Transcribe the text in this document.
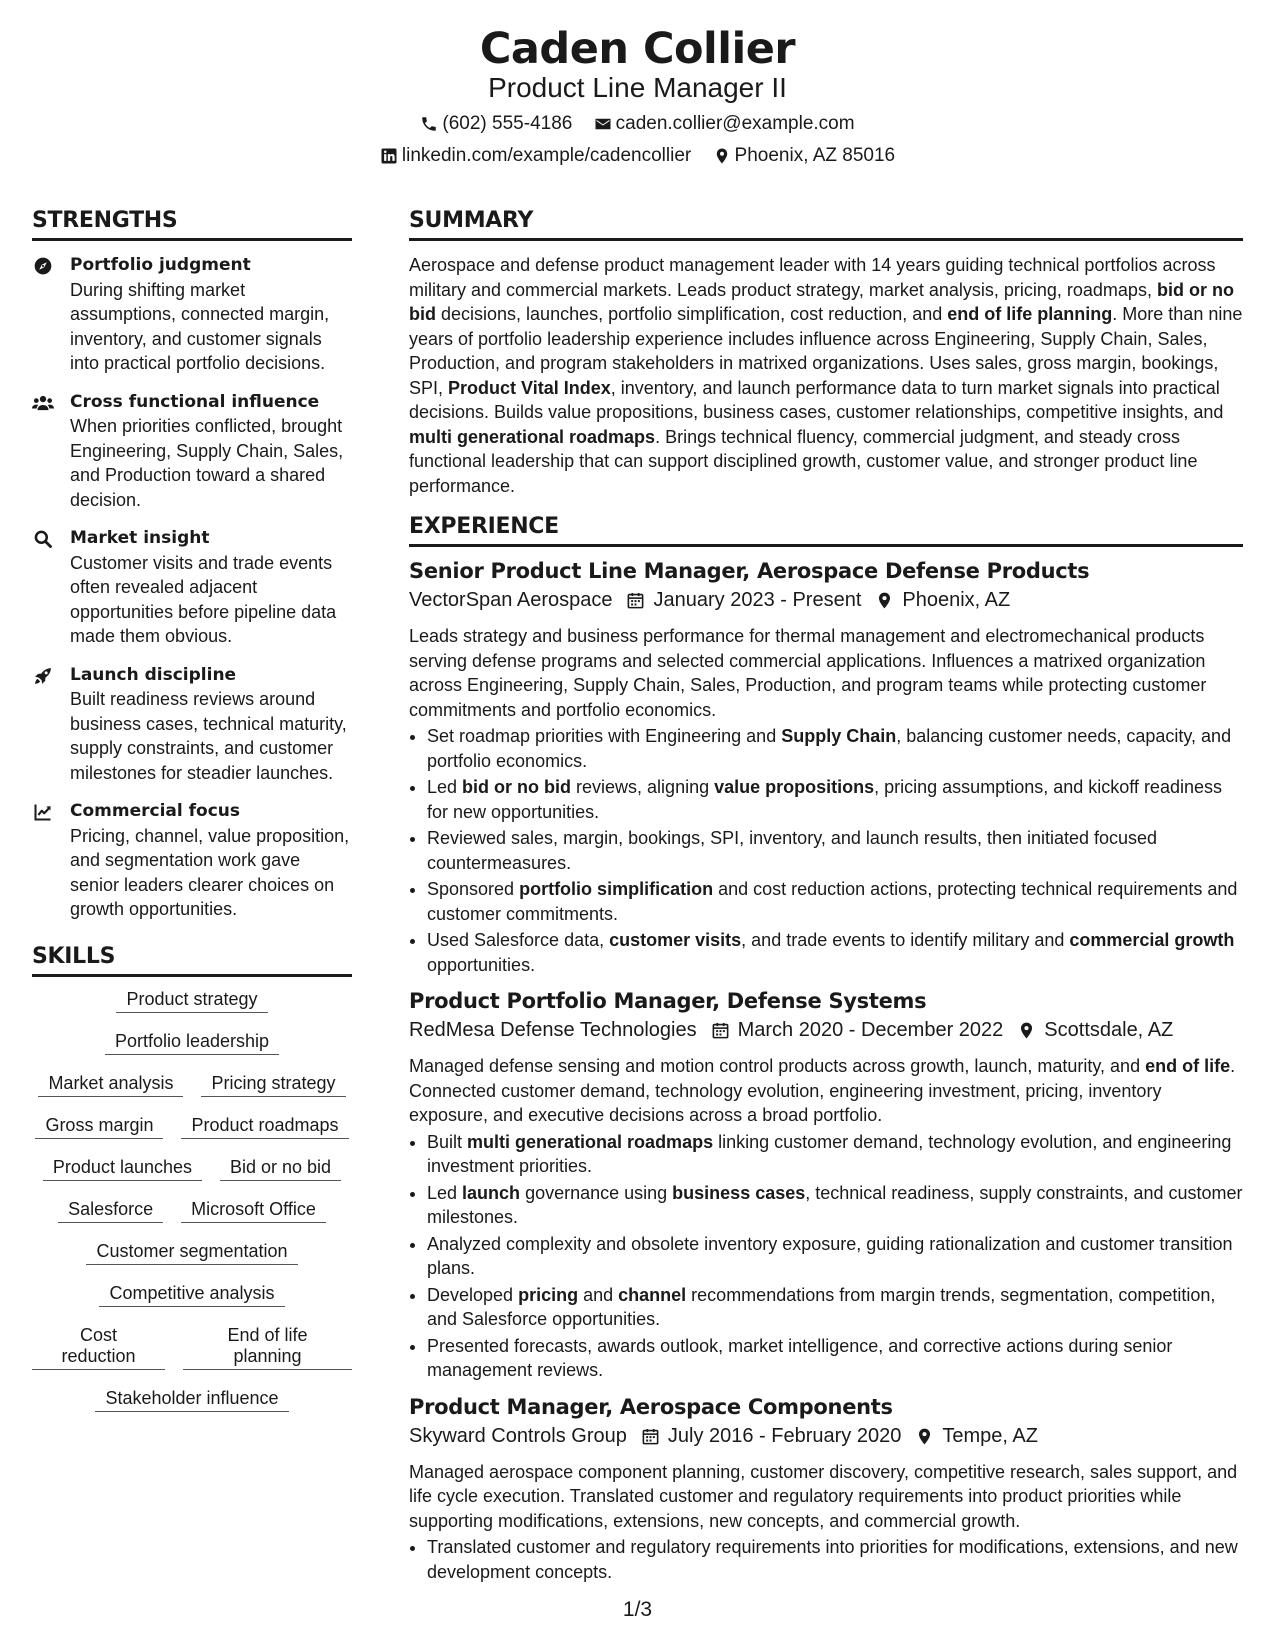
Caden Collier
Product Line Manager II
(602) 555-4186
caden.collier@example.com
linkedin.com/example/cadencollier
Phoenix, AZ 85016
STRENGTHS
Portfolio judgment
During shifting market assumptions, connected margin, inventory, and customer signals into practical portfolio decisions.
Cross functional influence
When priorities conflicted, brought Engineering, Supply Chain, Sales, and Production toward a shared decision.
Market insight
Customer visits and trade events often revealed adjacent opportunities before pipeline data made them obvious.
Launch discipline
Built readiness reviews around business cases, technical maturity, supply constraints, and customer milestones for steadier launches.
Commercial focus
Pricing, channel, value proposition, and segmentation work gave senior leaders clearer choices on growth opportunities.
SKILLS
Product strategy
Portfolio leadership
Market analysis	Pricing strategy
Gross margin	Product roadmaps
Product launches	Bid or no bid
Salesforce	Microsoft Office
Customer segmentation
Competitive analysis
Cost reduction
End of life planning
Stakeholder influence
SUMMARY

Aerospace and defense product management leader with 14 years guiding technical portfolios across military and commercial markets. Leads product strategy, market analysis, pricing, roadmaps, bid or no bid decisions, launches, portfolio simplification, cost reduction, and end of life planning. More than nine years of portfolio leadership experience includes influence across Engineering, Supply Chain, Sales, Production, and program stakeholders in matrixed organizations. Uses sales, gross margin, bookings, SPI, Product Vital Index, inventory, and launch performance data to turn market signals into practical decisions. Builds value propositions, business cases, customer relationships, competitive insights, and multi generational roadmaps. Brings technical fluency, commercial judgment, and steady cross functional leadership that can support disciplined growth, customer value, and stronger product line performance.

EXPERIENCE
Senior Product Line Manager, Aerospace Defense Products
VectorSpan Aerospace January 2023 - Present Phoenix, AZ

Leads strategy and business performance for thermal management and electromechanical products serving defense programs and selected commercial applications. Influences a matrixed organization across Engineering, Supply Chain, Sales, Production, and program teams while protecting customer commitments and portfolio economics.

• Set roadmap priorities with Engineering and Supply Chain, balancing customer needs, capacity, and portfolio economics.
• Led bid or no bid reviews, aligning value propositions, pricing assumptions, and kickoff readiness for new opportunities.
• Reviewed sales, margin, bookings, SPI, inventory, and launch results, then initiated focused countermeasures.
• Sponsored portfolio simplification and cost reduction actions, protecting technical requirements and customer commitments.
• Used Salesforce data, customer visits, and trade events to identify military and commercial growth opportunities.
Product Portfolio Manager, Defense Systems
RedMesa Defense Technologies March 2020 - December 2022 Scottsdale, AZ

Managed defense sensing and motion control products across growth, launch, maturity, and end of life. Connected customer demand, technology evolution, engineering investment, pricing, inventory exposure, and executive decisions across a broad portfolio.

• Built multi generational roadmaps linking customer demand, technology evolution, and engineering investment priorities.
• Led launch governance using business cases, technical readiness, supply constraints, and customer milestones.
• Analyzed complexity and obsolete inventory exposure, guiding rationalization and customer transition plans.
• Developed pricing and channel recommendations from margin trends, segmentation, competition, and Salesforce opportunities.
• Presented forecasts, awards outlook, market intelligence, and corrective actions during senior management reviews.
Product Manager, Aerospace Components
Skyward Controls Group July 2016 - February 2020 Tempe, AZ

Managed aerospace component planning, customer discovery, competitive research, sales support, and life cycle execution. Translated customer and regulatory requirements into product priorities while supporting modifications, extensions, new concepts, and commercial growth.

• Translated customer and regulatory requirements into priorities for modifications, extensions, and new development concepts.
1/3
